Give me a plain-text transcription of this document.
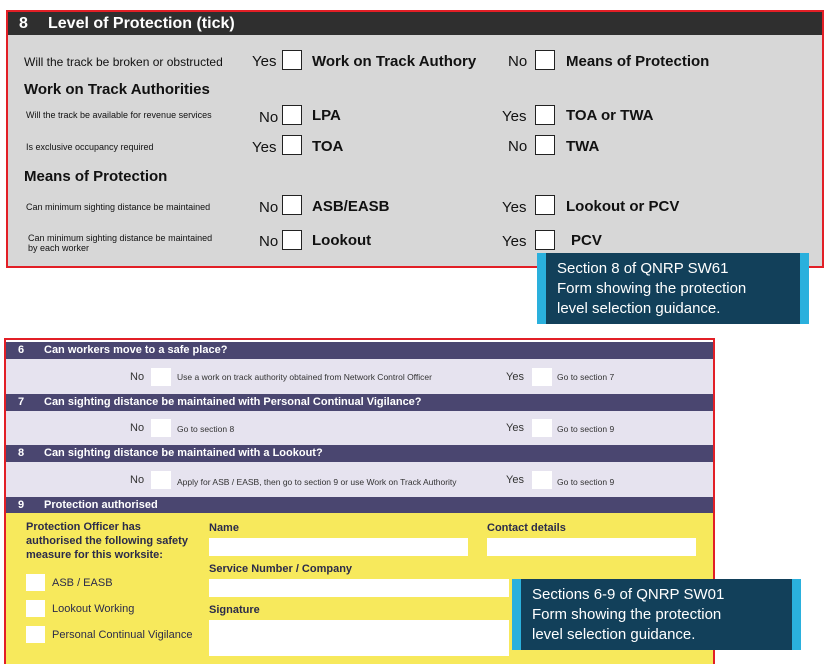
8 Level of Protection (tick)
Will the track be broken or obstructed Yes Work on Track Authory No	Means of Protection
Work on Track Authorities
Will the track be available for revenue services	No LPA	Yes	TOA or TWA
Is exclusive occupancy required	Yes TOA	No	TWA
Means of Protection
Can minimum sighting distance be maintained	No ASB/EASB	Yes	Lookout or PCV
Can minimum sighting distance be maintained
by each worker	No Lookout	Yes	PCV
Section 8 of QNRP SW61
Form showing the protection
level selection guidance.
6 Can workers move to a safe place?
No	Use a work on track authority obtained from Network Control Officer	Yes	Go to section 7
7 Can sighting distance be maintained with Personal Continual Vigilance?
No	Go to section 8	Yes	Go to section 9
8 Can sighting distance be maintained with a Lookout?
No	Apply for ASB / EASB, then go to section 9 or use Work on Track Authority	Yes	Go to section 9
9 Protection authorised
Protection Officer has
authorised the following safety
measure for this worksite:
ASB / EASB
Lookout Working
Personal Continual Vigilance
Name	Contact details
Service Number / Company
Signature
Sections 6-9 of QNRP SW01
Form showing the protection
level selection guidance.
